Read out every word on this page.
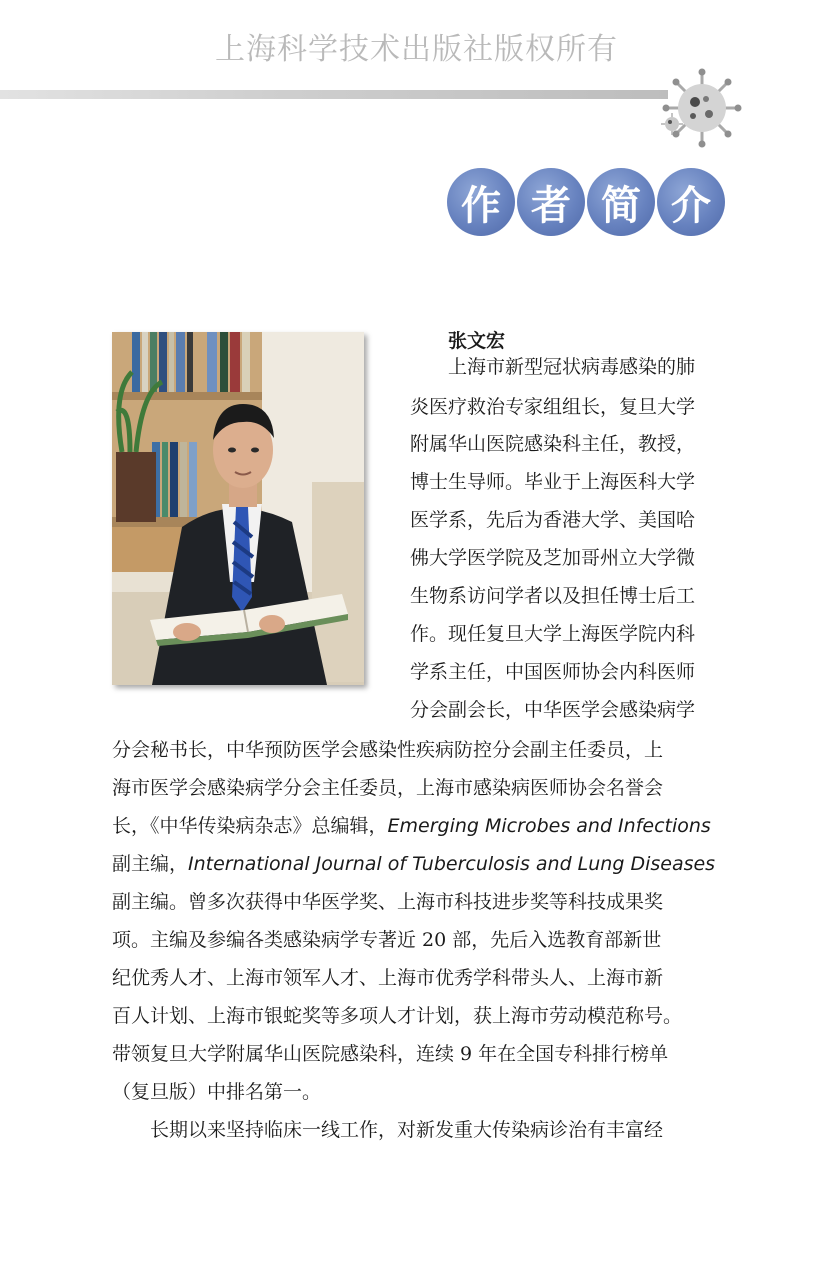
上海科学技术出版社版权所有
作 者 简 介
张文宏
上海市新型冠状病毒感染的肺
炎医疗救治专家组组长，复旦大学
附属华山医院感染科主任，教授，
博士生导师。毕业于上海医科大学
医学系，先后为香港大学、美国哈
佛大学医学院及芝加哥州立大学微
生物系访问学者以及担任博士后工
作。现任复旦大学上海医学院内科
学系主任，中国医师协会内科医师
分会副会长，中华医学会感染病学
分会秘书长，中华预防医学会感染性疾病防控分会副主任委员，上
海市医学会感染病学分会主任委员，上海市感染病医师协会名誉会
长，《中华传染病杂志》总编辑，Emerging Microbes and Infections
副主编，International Journal of Tuberculosis and Lung Diseases
副主编。曾多次获得中华医学奖、上海市科技进步奖等科技成果奖
项。主编及参编各类感染病学专著近 20 部，先后入选教育部新世
纪优秀人才、上海市领军人才、上海市优秀学科带头人、上海市新
百人计划、上海市银蛇奖等多项人才计划，获上海市劳动模范称号。
带领复旦大学附属华山医院感染科，连续 9 年在全国专科排行榜单
（复旦版）中排名第一。
长期以来坚持临床一线工作，对新发重大传染病诊治有丰富经
